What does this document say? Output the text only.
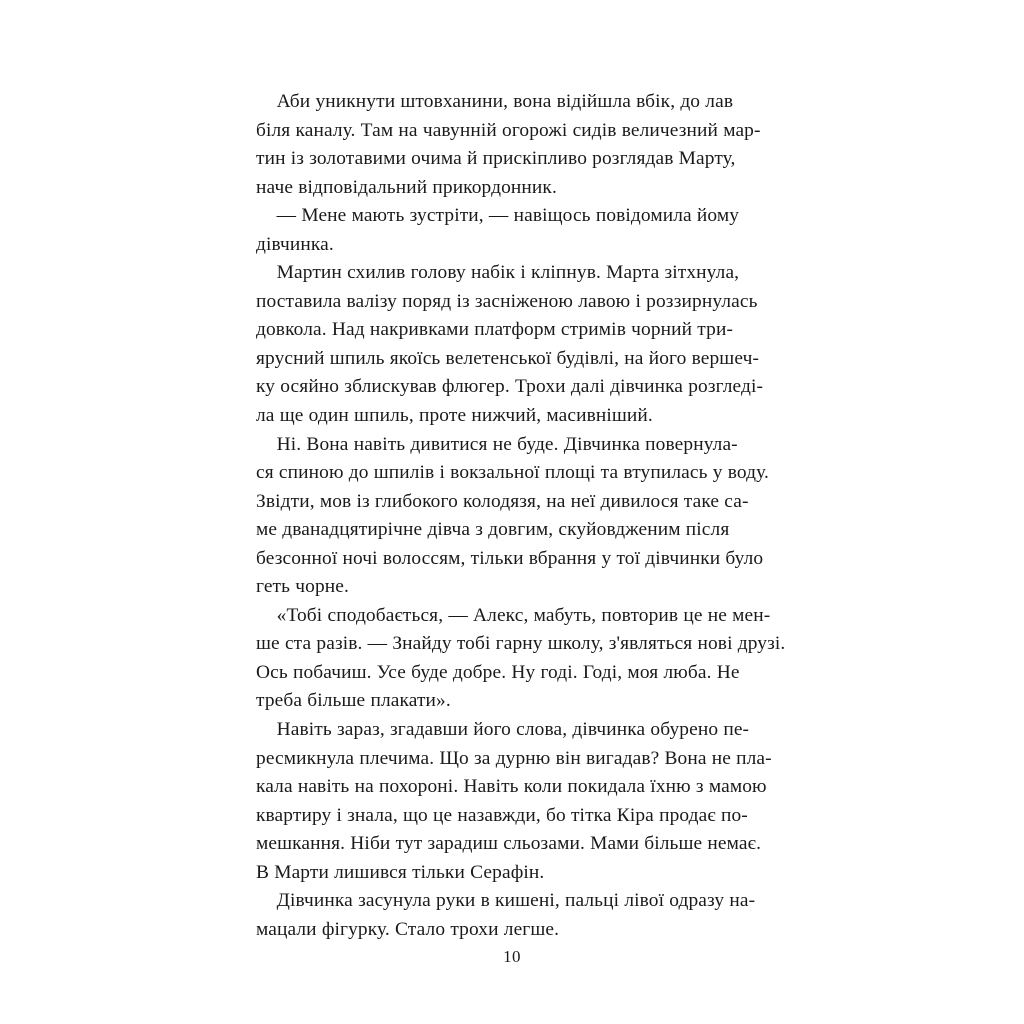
Аби уникнути штовханини, вона відійшла вбік, до лав
біля каналу. Там на чавунній огорожі сидів величезний мар-
тин із золотавими очима й прискіпливо розглядав Марту,
наче відповідальний прикордонник.

— Мене мають зустріти, — навіщось повідомила йому
дівчинка.

Мартин схилив голову набік і кліпнув. Марта зітхнула,
поставила валізу поряд із засніженою лавою і роззирнулась
довкола. Над накривками платформ стримів чорний три-
ярусний шпиль якоїсь велетенської будівлі, на його вершеч-
ку осяйно зблискував флюгер. Трохи далі дівчинка розгледі-
ла ще один шпиль, проте нижчий, масивніший.

Ні. Вона навіть дивитися не буде. Дівчинка повернула-
ся спиною до шпилів і вокзальної площі та втупилась у воду.
Звідти, мов із глибокого колодязя, на неї дивилося таке са-
ме дванадцятирічне дівча з довгим, скуйовдженим після
безсонної ночі волоссям, тільки вбрання у тої дівчинки було
геть чорне.

«Тобі сподобається, — Алекс, мабуть, повторив це не мен-
ше ста разів. — Знайду тобі гарну школу, з'являться нові друзі.
Ось побачиш. Усе буде добре. Ну годі. Годі, моя люба. Не
треба більше плакати».

Навіть зараз, згадавши його слова, дівчинка обурено пе-
ресмикнула плечима. Що за дурню він вигадав? Вона не пла-
кала навіть на похороні. Навіть коли покидала їхню з мамою
квартиру і знала, що це назавжди, бо тітка Кіра продає по-
мешкання. Ніби тут зарадиш сльозами. Мами більше немає.
В Марти лишився тільки Серафін.

Дівчинка засунула руки в кишені, пальці лівої одразу на-
мацали фігурку. Стало трохи легше.

10
